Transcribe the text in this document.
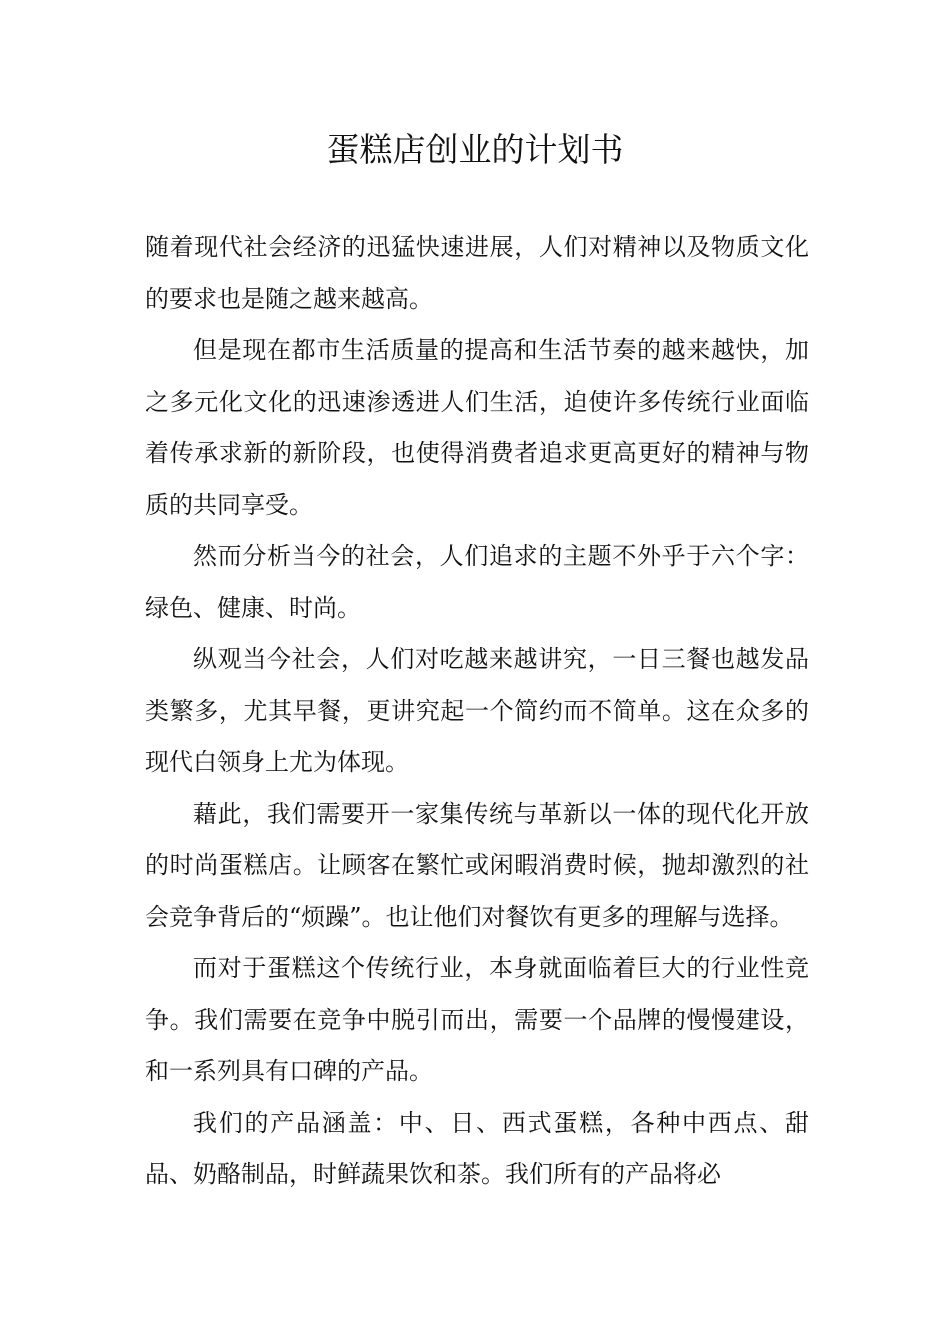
蛋糕店创业的计划书

随着现代社会经济的迅猛快速进展，人们对精神以及物质文化的要求也是随之越来越高。

但是现在都市生活质量的提高和生活节奏的越来越快，加之多元化文化的迅速渗透进人们生活，迫使许多传统行业面临着传承求新的新阶段，也使得消费者追求更高更好的精神与物质的共同享受。

然而分析当今的社会，人们追求的主题不外乎于六个字：绿色、健康、时尚。

纵观当今社会，人们对吃越来越讲究，一日三餐也越发品类繁多，尤其早餐，更讲究起一个简约而不简单。这在众多的现代白领身上尤为体现。

藉此，我们需要开一家集传统与革新以一体的现代化开放的时尚蛋糕店。让顾客在繁忙或闲暇消费时候，抛却激烈的社会竞争背后的“烦躁”。也让他们对餐饮有更多的理解与选择。

而对于蛋糕这个传统行业，本身就面临着巨大的行业性竞争。我们需要在竞争中脱引而出，需要一个品牌的慢慢建设，和一系列具有口碑的产品。

我们的产品涵盖：中、日、西式蛋糕，各种中西点、甜品、奶酪制品，时鲜蔬果饮和茶。我们所有的产品将必
